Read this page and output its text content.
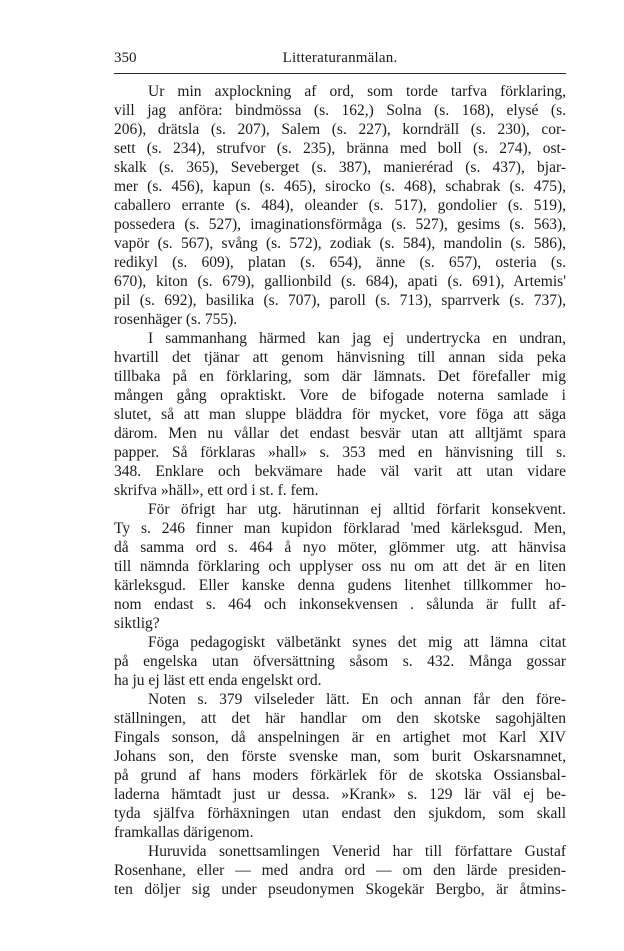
350	Litteraturanmälan.
Ur min axplockning af ord, som torde tarfva förklaring,
vill jag anföra: bindmössa (s. 162,) Solna (s. 168), elysé (s.
206), drätsla (s. 207), Salem (s. 227), korndräll (s. 230), cor-
sett (s. 234), strufvor (s. 235), bränna med boll (s. 274), ost-
skalk (s. 365), Seveberget (s. 387), manierérad (s. 437), bjar-
mer (s. 456), kapun (s. 465), sirocko (s. 468), schabrak (s. 475),
caballero errante (s. 484), oleander (s. 517), gondolier (s. 519),
possedera (s. 527), imaginationsförmåga (s. 527), gesims (s. 563),
vapör (s. 567), svång (s. 572), zodiak (s. 584), mandolin (s. 586),
redikyl (s. 609), platan (s. 654), änne (s. 657), osteria (s.
670), kiton (s. 679), gallionbild (s. 684), apati (s. 691), Artemis'
pil (s. 692), basilika (s. 707), paroll (s. 713), sparrverk (s. 737),
rosenhäger (s. 755).
I sammanhang härmed kan jag ej undertrycka en undran,
hvartill det tjänar att genom hänvisning till annan sida peka
tillbaka på en förklaring, som där lämnats. Det förefaller mig
mången gång opraktiskt. Vore de bifogade noterna samlade i
slutet, så att man sluppe bläddra för mycket, vore föga att säga
därom. Men nu vållar det endast besvär utan att alltjämt spara
papper. Så förklaras »hall» s. 353 med en hänvisning till s.
348. Enklare och bekvämare hade väl varit att utan vidare
skrifva »häll», ett ord i st. f. fem.
För öfrigt har utg. härutinnan ej alltid förfarit konsekvent.
Ty s. 246 finner man kupidon förklarad 'med kärleksgud. Men,
då samma ord s. 464 å nyo möter, glömmer utg. att hänvisa
till nämnda förklaring och upplyser oss nu om att det är en liten
kärleksgud. Eller kanske denna gudens litenhet tillkommer ho-
nom endast s. 464 och inkonsekvensen . sålunda är fullt af-
siktlig?
Föga pedagogiskt välbetänkt synes det mig att lämna citat
på engelska utan öfversättning såsom s. 432. Många gossar
ha ju ej läst ett enda engelskt ord.
Noten s. 379 vilseleder lätt. En och annan får den före-
ställningen, att det här handlar om den skotske sagohjälten
Fingals sonson, då anspelningen är en artighet mot Karl XIV
Johans son, den förste svenske man, som burit Oskarsnamnet,
på grund af hans moders förkärlek för de skotska Ossiansbal-
laderna hämtadt just ur dessa. »Krank» s. 129 lär väl ej be-
tyda själfva förhäxningen utan endast den sjukdom, som skall
framkallas därigenom.
Huruvida sonettsamlingen Venerid har till författare Gustaf
Rosenhane, eller — med andra ord — om den lärde presiden-
ten döljer sig under pseudonymen Skogekär Bergbo, är åtmins-
